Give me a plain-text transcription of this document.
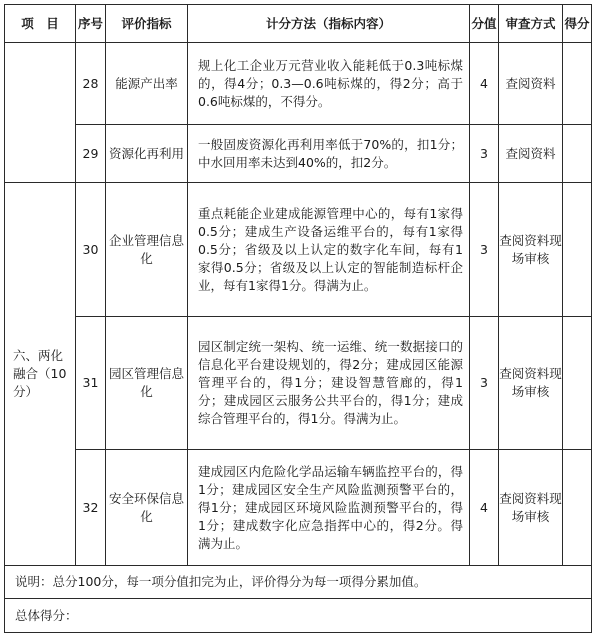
项　目	序号	评价指标	计分方法（指标内容）	分值	审查方式	得分
	28	能源产出率	规上化工企业万元营业收入能耗低于0.3吨标煤的，得4分；0.3—0.6吨标煤的，得2分；高于0.6吨标煤的，不得分。	4	查阅资料	
	29	资源化再利用	一般固废资源化再利用率低于70%的，扣1分；中水回用率未达到40%的，扣2分。	3	查阅资料	
六、两化融合（10分）	30	企业管理信息化	重点耗能企业建成能源管理中心的，每有1家得0.5分；建成生产设备运维平台的，每有1家得0.5分；省级及以上认定的数字化车间，每有1家得0.5分；省级及以上认定的智能制造标杆企业，每有1家得1分。得满为止。	3	查阅资料现场审核	
	31	园区管理信息化	园区制定统一架构、统一运维、统一数据接口的信息化平台建设规划的，得2分；建成园区能源管理平台的，得1分；建设智慧管廊的，得1分；建成园区云服务公共平台的，得1分；建成综合管理平台的，得1分。得满为止。	3	查阅资料现场审核	
	32	安全环保信息化	建成园区内危险化学品运输车辆监控平台的，得1分；建成园区安全生产风险监测预警平台的，得1分；建成园区环境风险监测预警平台的，得1分；建成数字化应急指挥中心的，得2分。得满为止。	4	查阅资料现场审核	
说明：总分100分，每一项分值扣完为止，评价得分为每一项得分累加值。						
总体得分：						
